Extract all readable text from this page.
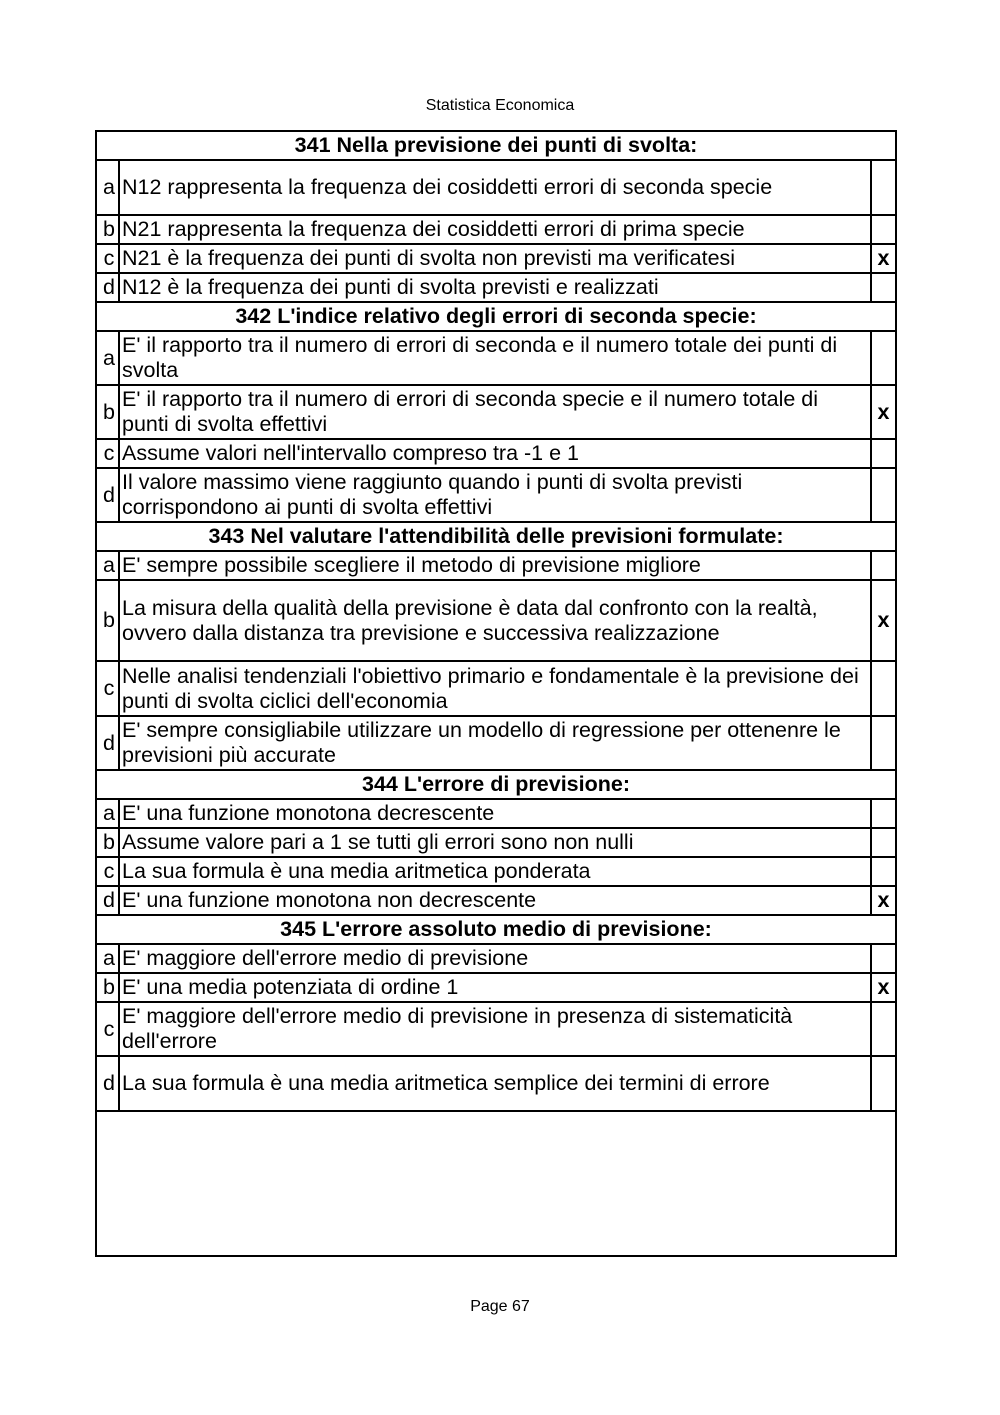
Statistica Economica
341 Nella previsione dei punti di svolta:		
a	N12 rappresenta la frequenza dei cosiddetti errori di seconda specie	
b	N21 rappresenta la frequenza dei cosiddetti errori di prima specie	
c	N21 è la frequenza dei punti di svolta non previsti ma verificatesi	x
d	N12 è la frequenza dei punti di svolta previsti e realizzati	
342 L'indice relativo degli errori di seconda specie:		
a	E' il rapporto tra il numero di errori di seconda e il numero totale dei punti di svolta	
b	E' il rapporto tra il numero di errori di seconda specie e il numero totale di punti di svolta effettivi	x
c	Assume valori nell'intervallo compreso tra -1 e 1	
d	Il valore massimo viene raggiunto quando i punti di svolta previsti corrispondono ai punti di svolta effettivi	
343 Nel valutare l'attendibilità delle previsioni formulate:		
a	E' sempre possibile scegliere il metodo di previsione migliore	
b	La misura della qualità della previsione è data dal confronto con la realtà, ovvero dalla distanza tra previsione e successiva realizzazione	x
c	Nelle analisi tendenziali l'obiettivo primario e fondamentale è la previsione dei punti di svolta ciclici dell'economia	
d	E' sempre consigliabile utilizzare un modello di regressione per ottenenre le previsioni più accurate	
344 L'errore di previsione:		
a	E' una funzione monotona decrescente	
b	Assume valore pari a 1 se tutti gli errori sono non nulli	
c	La sua formula è una media aritmetica ponderata	
d	E' una funzione monotona non decrescente	x
345 L'errore assoluto medio di previsione:		
a	E' maggiore dell'errore medio di previsione	
b	E' una media potenziata di ordine 1	x
c	E' maggiore dell'errore medio di previsione in presenza di sistematicità dell'errore	
d	La sua formula è una media aritmetica semplice dei termini di errore	

Page 67
